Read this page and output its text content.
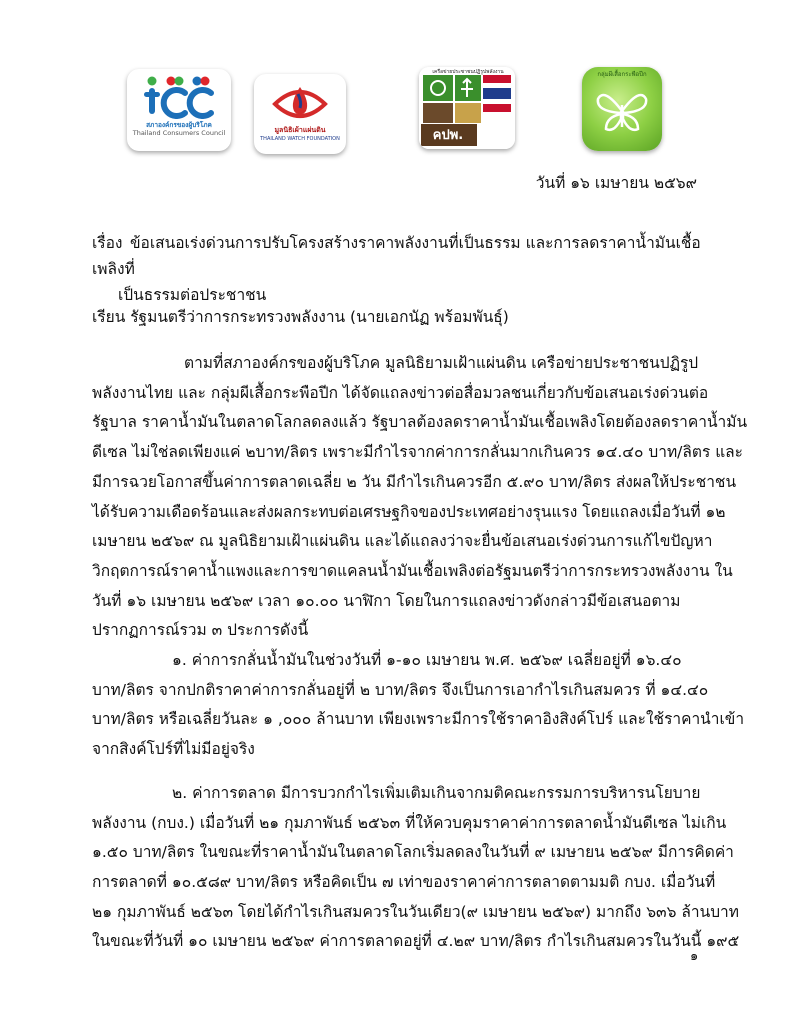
สภาองค์กรของผู้บริโภค
Thailand Consumers Council	มูลนิธิเผ้าแผ่นดิน
THAILAND WATCH FOUNDATION
เครือข่ายประชาชนปฏิรูปพลังงาน
คปพ.
กลุ่มผีเสื้อกระพือปีก
วันที่ ๑๖ เมษายน ๒๕๖๙
เรื่อง ข้อเสนอเร่งด่วนการปรับโครงสร้างราคาพลังงานที่เป็นธรรม และการลดราคาน้ำมันเชื้อเพลิงที่
เป็นธรรมต่อประชาชน
เรียน รัฐมนตรีว่าการกระทรวงพลังงาน (นายเอกนัฏ พร้อมพันธุ์)
ตามที่สภาองค์กรของผู้บริโภค มูลนิธิยามเฝ้าแผ่นดิน เครือข่ายประชาชนปฏิรูป
พลังงานไทย และ กลุ่มผีเสื้อกระพือปีก ได้จัดแถลงข่าวต่อสื่อมวลชนเกี่ยวกับข้อเสนอเร่งด่วนต่อ
รัฐบาล ราคาน้ำมันในตลาดโลกลดลงแล้ว รัฐบาลต้องลดราคาน้ำมันเชื้อเพลิงโดยต้องลดราคาน้ำมัน
ดีเซล ไม่ใช่ลดเพียงแค่ ๒บาท/ลิตร เพราะมีกำไรจากค่าการกลั่นมากเกินควร ๑๔.๔๐ บาท/ลิตร และ
มีการฉวยโอกาสขึ้นค่าการตลาดเฉลี่ย ๒ วัน มีกำไรเกินควรอีก ๕.๙๐ บาท/ลิตร ส่งผลให้ประชาชน
ได้รับความเดือดร้อนและส่งผลกระทบต่อเศรษฐกิจของประเทศอย่างรุนแรง โดยแถลงเมื่อวันที่ ๑๒
เมษายน ๒๕๖๙ ณ มูลนิธิยามเฝ้าแผ่นดิน และได้แถลงว่าจะยื่นข้อเสนอเร่งด่วนการแก้ไขปัญหา
วิกฤตการณ์ราคาน้ำแพงและการขาดแคลนน้ำมันเชื้อเพลิงต่อรัฐมนตรีว่าการกระทรวงพลังงาน ใน
วันที่ ๑๖ เมษายน ๒๕๖๙ เวลา ๑๐.๐๐ นาฬิกา โดยในการแถลงข่าวดังกล่าวมีข้อเสนอตาม
ปรากฏการณ์รวม ๓ ประการดังนี้
๑. ค่าการกลั่นน้ำมันในช่วงวันที่ ๑-๑๐ เมษายน พ.ศ. ๒๕๖๙ เฉลี่ยอยู่ที่ ๑๖.๔๐
บาท/ลิตร จากปกติราคาค่าการกลั่นอยู่ที่ ๒ บาท/ลิตร จึงเป็นการเอากำไรเกินสมควร ที่ ๑๔.๔๐
บาท/ลิตร หรือเฉลี่ยวันละ ๑ ,๐๐๐ ล้านบาท เพียงเพราะมีการใช้ราคาอิงสิงค์โปร์ และใช้ราคานำเข้า
จากสิงค์โปร์ที่ไม่มีอยู่จริง
๒. ค่าการตลาด มีการบวกกำไรเพิ่มเติมเกินจากมติคณะกรรมการบริหารนโยบาย
พลังงาน (กบง.) เมื่อวันที่ ๒๑ กุมภาพันธ์ ๒๕๖๓ ที่ให้ควบคุมราคาค่าการตลาดน้ำมันดีเซล ไม่เกิน
๑.๕๐ บาท/ลิตร ในขณะที่ราคาน้ำมันในตลาดโลกเริ่มลดลงในวันที่ ๙ เมษายน ๒๕๖๙ มีการคิดค่า
การตลาดที่ ๑๐.๕๘๙ บาท/ลิตร หรือคิดเป็น ๗ เท่าของราคาค่าการตลาดตามมติ กบง. เมื่อวันที่
๒๑ กุมภาพันธ์ ๒๕๖๓ โดยได้กำไรเกินสมควรในวันเดียว(๙ เมษายน ๒๕๖๙) มากถึง ๖๓๖ ล้านบาท
ในขณะที่วันที่ ๑๐ เมษายน ๒๕๖๙ ค่าการตลาดอยู่ที่ ๔.๒๙ บาท/ลิตร กำไรเกินสมควรในวันนี้ ๑๙๕
๑
